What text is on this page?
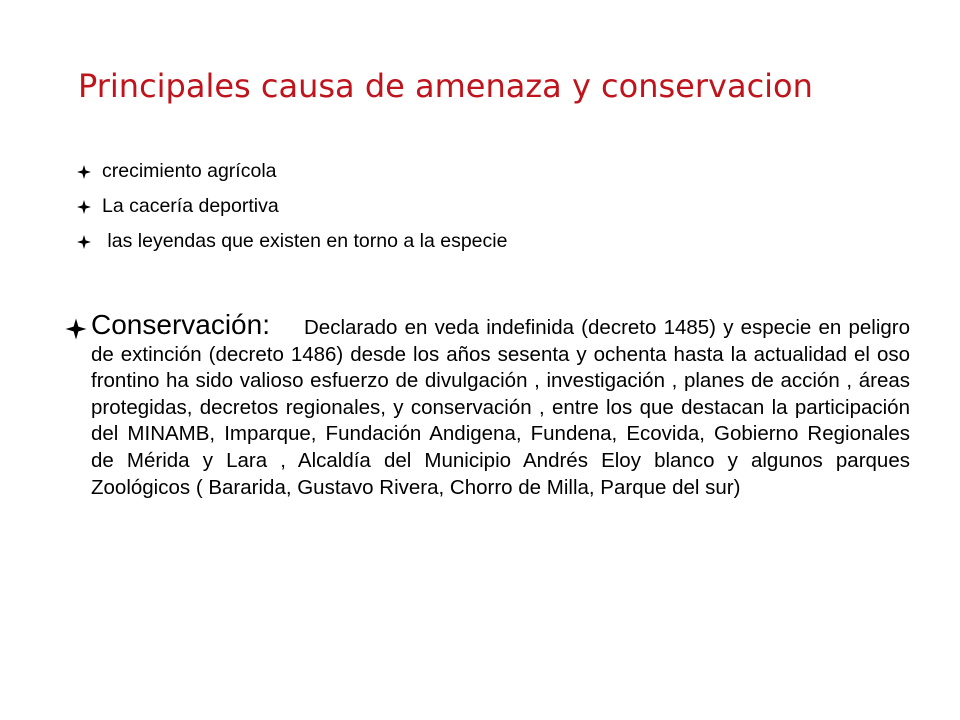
Principales causa de amenaza y conservacion
crecimiento agrícola
La cacería deportiva
las leyendas que existen en torno a la especie

Conservación: Declarado en veda indefinida (decreto 1485) y especie en peligro de extinción (decreto 1486) desde los años sesenta y ochenta hasta la actualidad el oso frontino ha sido valioso esfuerzo de divulgación , investigación , planes de acción , áreas protegidas, decretos regionales, y conservación , entre los que destacan la participación del MINAMB, Imparque, Fundación Andigena, Fundena, Ecovida, Gobierno Regionales de Mérida y Lara , Alcaldía del Municipio Andrés Eloy blanco y algunos parques Zoológicos ( Bararida, Gustavo Rivera, Chorro de Milla, Parque del sur)
